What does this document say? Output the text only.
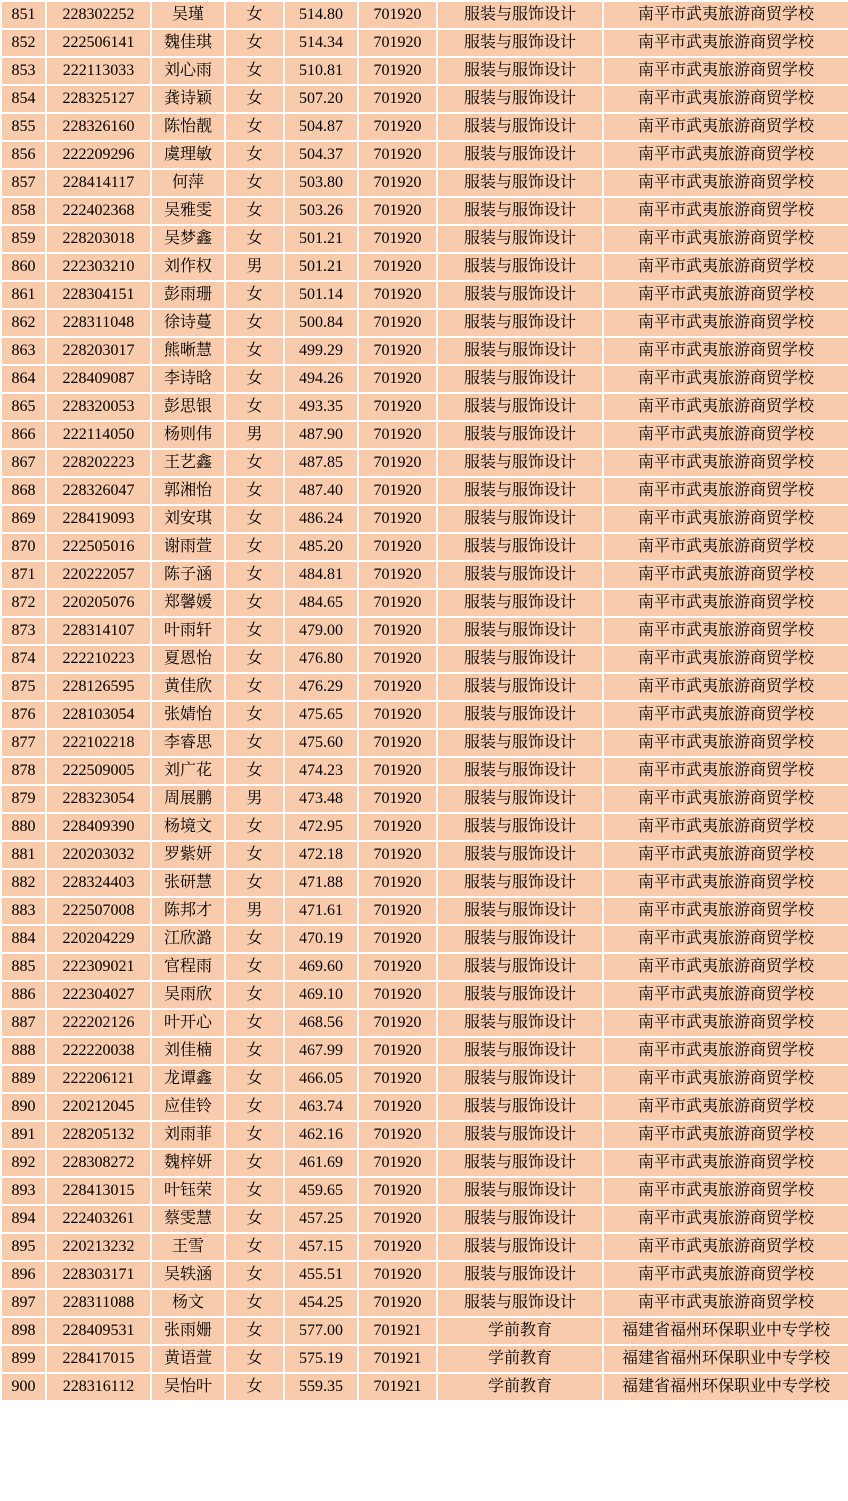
851	228302252	吴瑾	女	514.80	701920	服装与服饰设计	南平市武夷旅游商贸学校
852	222506141	魏佳琪	女	514.34	701920	服装与服饰设计	南平市武夷旅游商贸学校
853	222113033	刘心雨	女	510.81	701920	服装与服饰设计	南平市武夷旅游商贸学校
854	228325127	龚诗颖	女	507.20	701920	服装与服饰设计	南平市武夷旅游商贸学校
855	228326160	陈怡靓	女	504.87	701920	服装与服饰设计	南平市武夷旅游商贸学校
856	222209296	虞理敏	女	504.37	701920	服装与服饰设计	南平市武夷旅游商贸学校
857	228414117	何萍	女	503.80	701920	服装与服饰设计	南平市武夷旅游商贸学校
858	222402368	吴雅雯	女	503.26	701920	服装与服饰设计	南平市武夷旅游商贸学校
859	228203018	吴梦鑫	女	501.21	701920	服装与服饰设计	南平市武夷旅游商贸学校
860	222303210	刘作权	男	501.21	701920	服装与服饰设计	南平市武夷旅游商贸学校
861	228304151	彭雨珊	女	501.14	701920	服装与服饰设计	南平市武夷旅游商贸学校
862	228311048	徐诗蔓	女	500.84	701920	服装与服饰设计	南平市武夷旅游商贸学校
863	228203017	熊晰慧	女	499.29	701920	服装与服饰设计	南平市武夷旅游商贸学校
864	228409087	李诗晗	女	494.26	701920	服装与服饰设计	南平市武夷旅游商贸学校
865	228320053	彭思银	女	493.35	701920	服装与服饰设计	南平市武夷旅游商贸学校
866	222114050	杨则伟	男	487.90	701920	服装与服饰设计	南平市武夷旅游商贸学校
867	228202223	王艺鑫	女	487.85	701920	服装与服饰设计	南平市武夷旅游商贸学校
868	228326047	郭湘怡	女	487.40	701920	服装与服饰设计	南平市武夷旅游商贸学校
869	228419093	刘安琪	女	486.24	701920	服装与服饰设计	南平市武夷旅游商贸学校
870	222505016	谢雨萱	女	485.20	701920	服装与服饰设计	南平市武夷旅游商贸学校
871	220222057	陈子涵	女	484.81	701920	服装与服饰设计	南平市武夷旅游商贸学校
872	220205076	郑馨媛	女	484.65	701920	服装与服饰设计	南平市武夷旅游商贸学校
873	228314107	叶雨轩	女	479.00	701920	服装与服饰设计	南平市武夷旅游商贸学校
874	222210223	夏恩怡	女	476.80	701920	服装与服饰设计	南平市武夷旅游商贸学校
875	228126595	黄佳欣	女	476.29	701920	服装与服饰设计	南平市武夷旅游商贸学校
876	228103054	张婧怡	女	475.65	701920	服装与服饰设计	南平市武夷旅游商贸学校
877	222102218	李睿思	女	475.60	701920	服装与服饰设计	南平市武夷旅游商贸学校
878	222509005	刘广花	女	474.23	701920	服装与服饰设计	南平市武夷旅游商贸学校
879	228323054	周展鹏	男	473.48	701920	服装与服饰设计	南平市武夷旅游商贸学校
880	228409390	杨境文	女	472.95	701920	服装与服饰设计	南平市武夷旅游商贸学校
881	220203032	罗紫妍	女	472.18	701920	服装与服饰设计	南平市武夷旅游商贸学校
882	228324403	张研慧	女	471.88	701920	服装与服饰设计	南平市武夷旅游商贸学校
883	222507008	陈邦才	男	471.61	701920	服装与服饰设计	南平市武夷旅游商贸学校
884	220204229	江欣潞	女	470.19	701920	服装与服饰设计	南平市武夷旅游商贸学校
885	222309021	官程雨	女	469.60	701920	服装与服饰设计	南平市武夷旅游商贸学校
886	222304027	吴雨欣	女	469.10	701920	服装与服饰设计	南平市武夷旅游商贸学校
887	222202126	叶开心	女	468.56	701920	服装与服饰设计	南平市武夷旅游商贸学校
888	222220038	刘佳楠	女	467.99	701920	服装与服饰设计	南平市武夷旅游商贸学校
889	222206121	龙谭鑫	女	466.05	701920	服装与服饰设计	南平市武夷旅游商贸学校
890	220212045	应佳铃	女	463.74	701920	服装与服饰设计	南平市武夷旅游商贸学校
891	228205132	刘雨菲	女	462.16	701920	服装与服饰设计	南平市武夷旅游商贸学校
892	228308272	魏梓妍	女	461.69	701920	服装与服饰设计	南平市武夷旅游商贸学校
893	228413015	叶钰荣	女	459.65	701920	服装与服饰设计	南平市武夷旅游商贸学校
894	222403261	蔡雯慧	女	457.25	701920	服装与服饰设计	南平市武夷旅游商贸学校
895	220213232	王雪	女	457.15	701920	服装与服饰设计	南平市武夷旅游商贸学校
896	228303171	吴轶涵	女	455.51	701920	服装与服饰设计	南平市武夷旅游商贸学校
897	228311088	杨文	女	454.25	701920	服装与服饰设计	南平市武夷旅游商贸学校
898	228409531	张雨姗	女	577.00	701921	学前教育	福建省福州环保职业中专学校
899	228417015	黄语萱	女	575.19	701921	学前教育	福建省福州环保职业中专学校
900	228316112	吴怡叶	女	559.35	701921	学前教育	福建省福州环保职业中专学校
